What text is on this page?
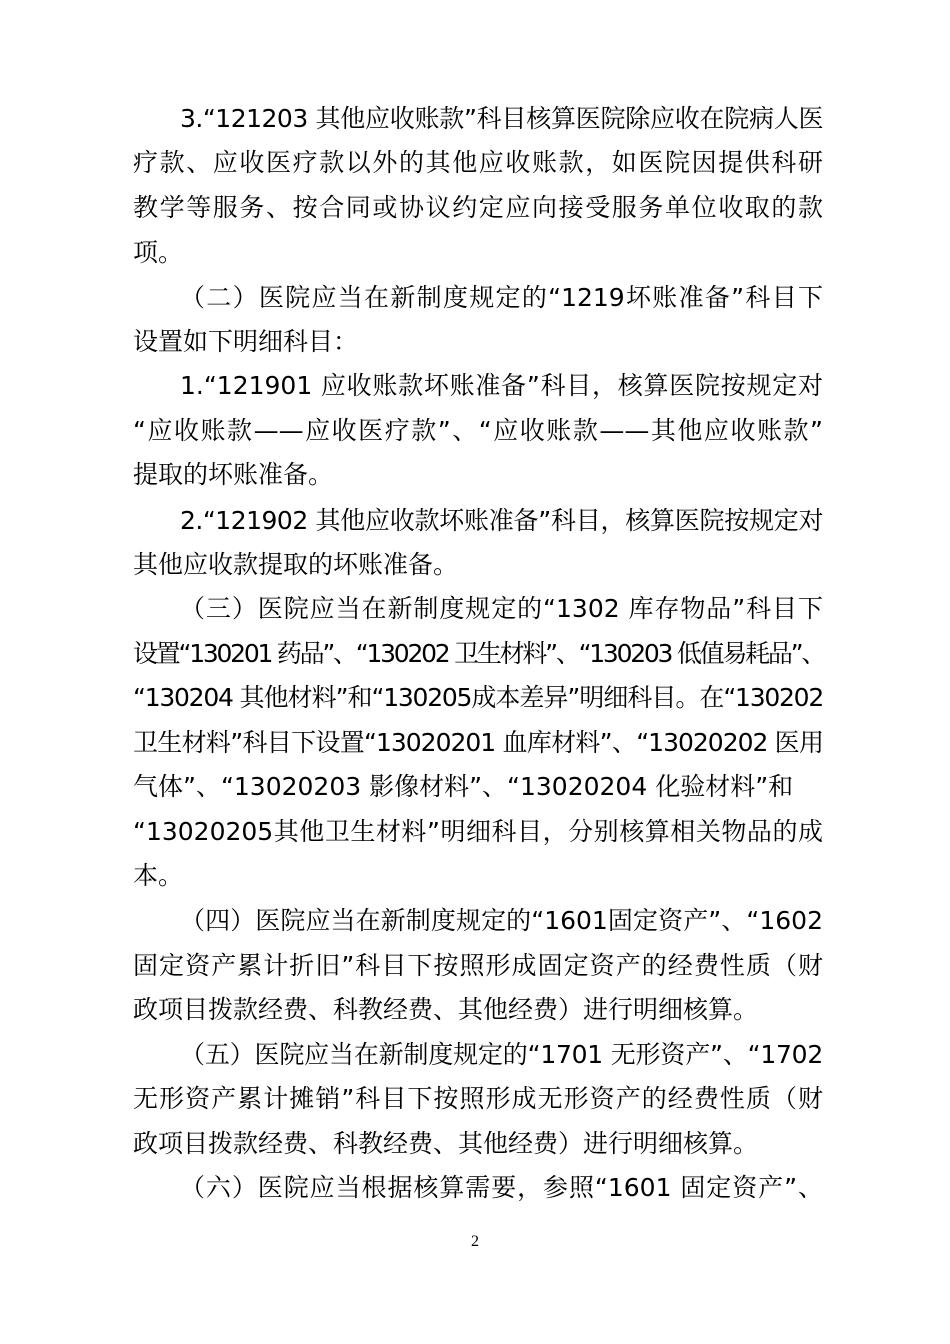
3.“121203 其他应收账款”科目核算医院除应收在院病人医
疗款、应收医疗款以外的其他应收账款，如医院因提供科研
教学等服务、按合同或协议约定应向接受服务单位收取的款
项。
（二）医院应当在新制度规定的“1219坏账准备”科目下
设置如下明细科目：
1.“121901 应收账款坏账准备”科目，核算医院按规定对
“应收账款——应收医疗款”、“应收账款——其他应收账款”
提取的坏账准备。
2.“121902 其他应收款坏账准备”科目，核算医院按规定对
其他应收款提取的坏账准备。
（三）医院应当在新制度规定的“1302 库存物品”科目下
设置“130201 药品”、“130202 卫生材料”、“130203 低值易耗品”、
“130204 其他材料”和“130205成本差异”明细科目。在“130202
卫生材料”科目下设置“13020201 血库材料”、“13020202 医用
气体”、“13020203 影像材料”、“13020204 化验材料”和
“13020205其他卫生材料”明细科目，分别核算相关物品的成
本。
（四）医院应当在新制度规定的“1601固定资产”、“1602
固定资产累计折旧”科目下按照形成固定资产的经费性质（财
政项目拨款经费、科教经费、其他经费）进行明细核算。
（五）医院应当在新制度规定的“1701 无形资产”、“1702
无形资产累计摊销”科目下按照形成无形资产的经费性质（财
政项目拨款经费、科教经费、其他经费）进行明细核算。
（六）医院应当根据核算需要，参照“1601 固定资产”、
2
